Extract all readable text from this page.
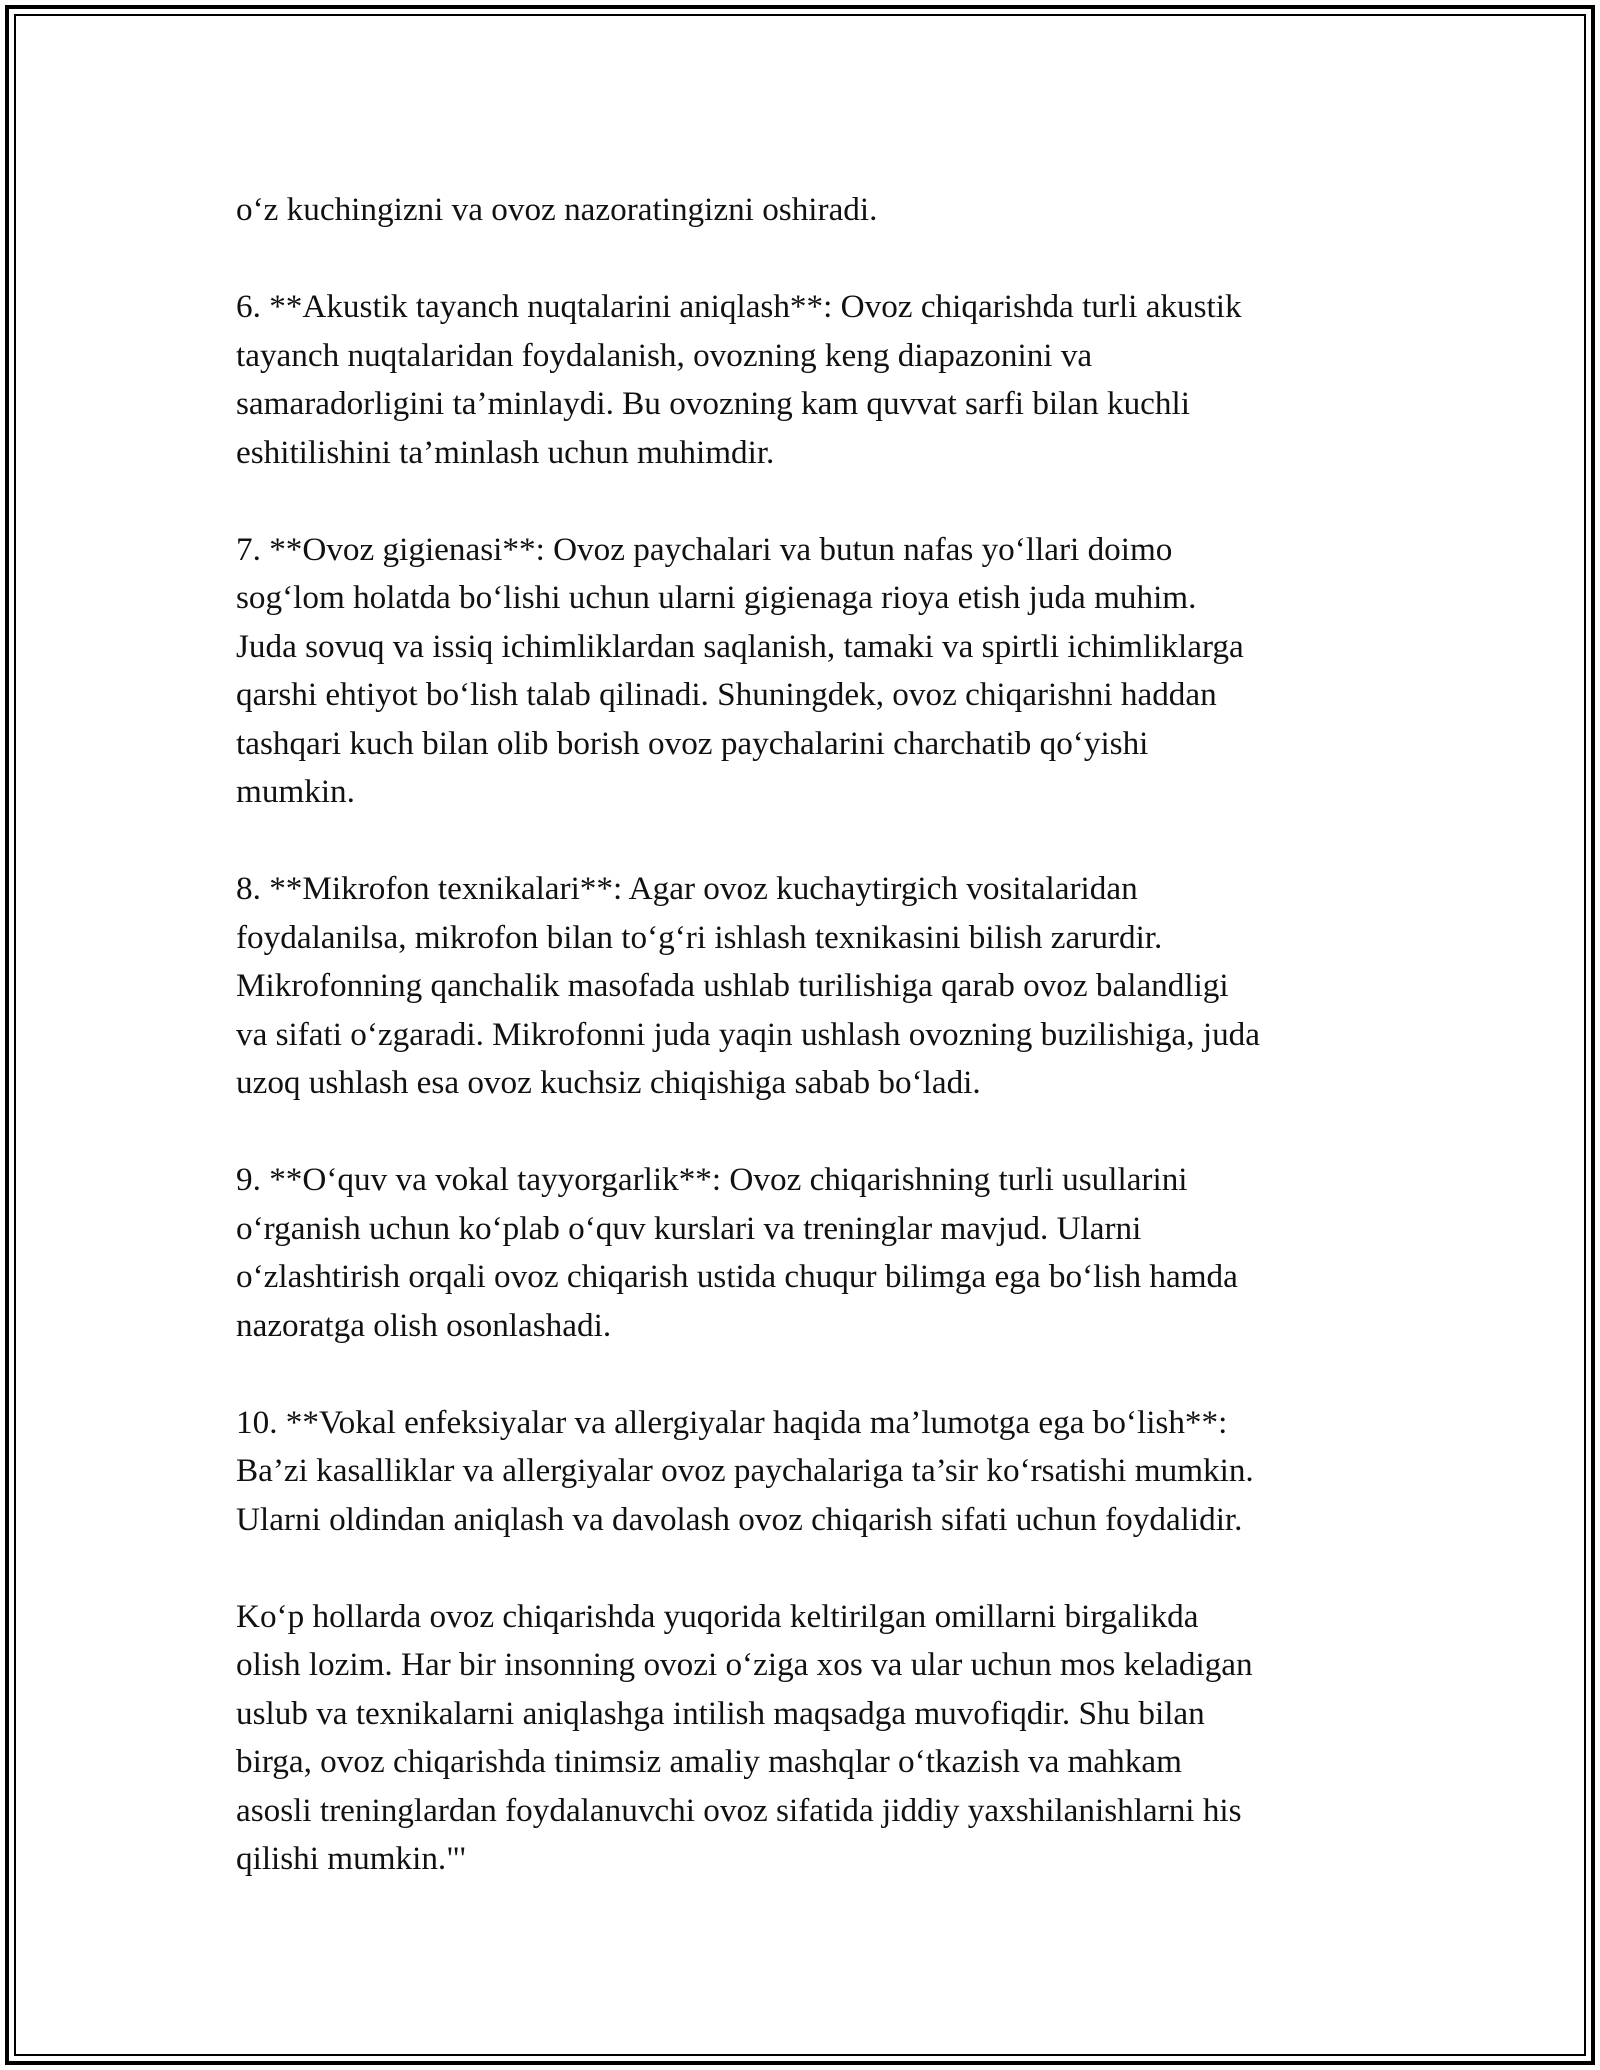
o‘z kuchingizni va ovoz nazoratingizni oshiradi.

6. **Akustik tayanch nuqtalarini aniqlash**: Ovoz chiqarishda turli akustik
tayanch nuqtalaridan foydalanish, ovozning keng diapazonini va
samaradorligini ta’minlaydi. Bu ovozning kam quvvat sarfi bilan kuchli
eshitilishini ta’minlash uchun muhimdir.

7. **Ovoz gigienasi**: Ovoz paychalari va butun nafas yo‘llari doimo
sog‘lom holatda bo‘lishi uchun ularni gigienaga rioya etish juda muhim.
Juda sovuq va issiq ichimliklardan saqlanish, tamaki va spirtli ichimliklarga
qarshi ehtiyot bo‘lish talab qilinadi. Shuningdek, ovoz chiqarishni haddan
tashqari kuch bilan olib borish ovoz paychalarini charchatib qo‘yishi
mumkin.

8. **Mikrofon texnikalari**: Agar ovoz kuchaytirgich vositalaridan
foydalanilsa, mikrofon bilan to‘g‘ri ishlash texnikasini bilish zarurdir.
Mikrofonning qanchalik masofada ushlab turilishiga qarab ovoz balandligi
va sifati o‘zgaradi. Mikrofonni juda yaqin ushlash ovozning buzilishiga, juda
uzoq ushlash esa ovoz kuchsiz chiqishiga sabab bo‘ladi.

9. **O‘quv va vokal tayyorgarlik**: Ovoz chiqarishning turli usullarini
o‘rganish uchun ko‘plab o‘quv kurslari va treninglar mavjud. Ularni
o‘zlashtirish orqali ovoz chiqarish ustida chuqur bilimga ega bo‘lish hamda
nazoratga olish osonlashadi.

10. **Vokal enfeksiyalar va allergiyalar haqida ma’lumotga ega bo‘lish**:
Ba’zi kasalliklar va allergiyalar ovoz paychalariga ta’sir ko‘rsatishi mumkin.
Ularni oldindan aniqlash va davolash ovoz chiqarish sifati uchun foydalidir.

Ko‘p hollarda ovoz chiqarishda yuqorida keltirilgan omillarni birgalikda
olish lozim. Har bir insonning ovozi o‘ziga xos va ular uchun mos keladigan
uslub va texnikalarni aniqlashga intilish maqsadga muvofiqdir. Shu bilan
birga, ovoz chiqarishda tinimsiz amaliy mashqlar o‘tkazish va mahkam
asosli treninglardan foydalanuvchi ovoz sifatida jiddiy yaxshilanishlarni his
qilishi mumkin."'
